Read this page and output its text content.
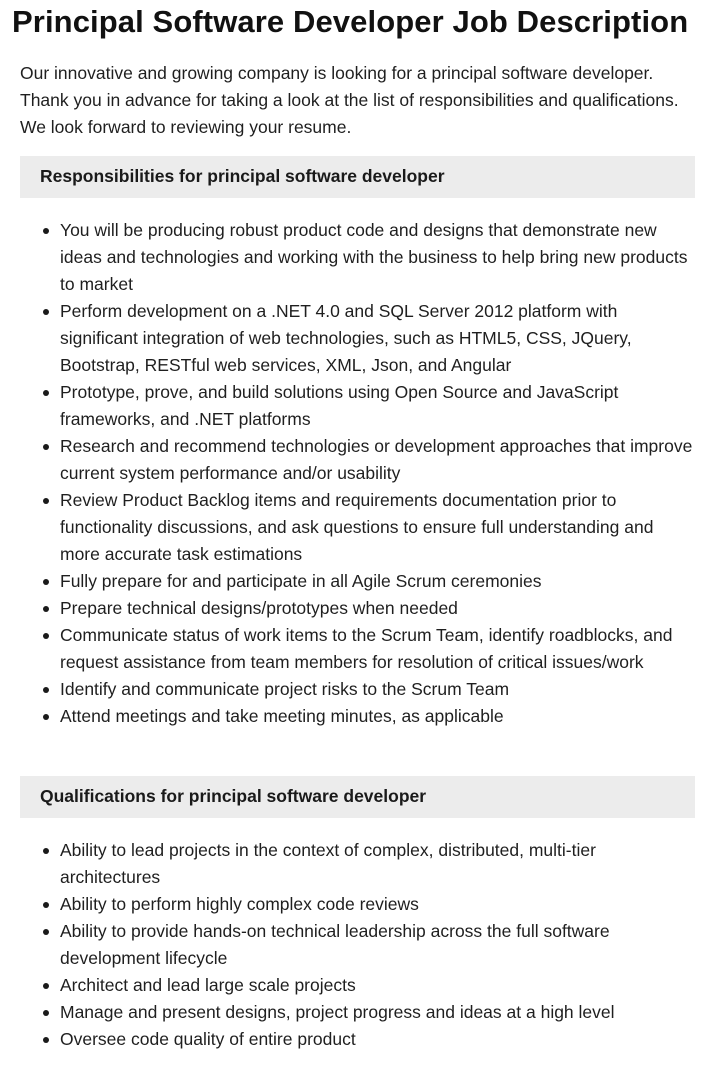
Principal Software Developer Job Description

Our innovative and growing company is looking for a principal software developer. Thank you in advance for taking a look at the list of responsibilities and qualifications. We look forward to reviewing your resume.

Responsibilities for principal software developer
You will be producing robust product code and designs that demonstrate new ideas and technologies and working with the business to help bring new products to market
Perform development on a .NET 4.0 and SQL Server 2012 platform with significant integration of web technologies, such as HTML5, CSS, JQuery, Bootstrap, RESTful web services, XML, Json, and Angular
Prototype, prove, and build solutions using Open Source and JavaScript frameworks, and .NET platforms
Research and recommend technologies or development approaches that improve current system performance and/or usability
Review Product Backlog items and requirements documentation prior to functionality discussions, and ask questions to ensure full understanding and more accurate task estimations
Fully prepare for and participate in all Agile Scrum ceremonies
Prepare technical designs/prototypes when needed
Communicate status of work items to the Scrum Team, identify roadblocks, and request assistance from team members for resolution of critical issues/work
Identify and communicate project risks to the Scrum Team
Attend meetings and take meeting minutes, as applicable
Qualifications for principal software developer
Ability to lead projects in the context of complex, distributed, multi-tier architectures
Ability to perform highly complex code reviews
Ability to provide hands-on technical leadership across the full software development lifecycle
Architect and lead large scale projects
Manage and present designs, project progress and ideas at a high level
Oversee code quality of entire product
